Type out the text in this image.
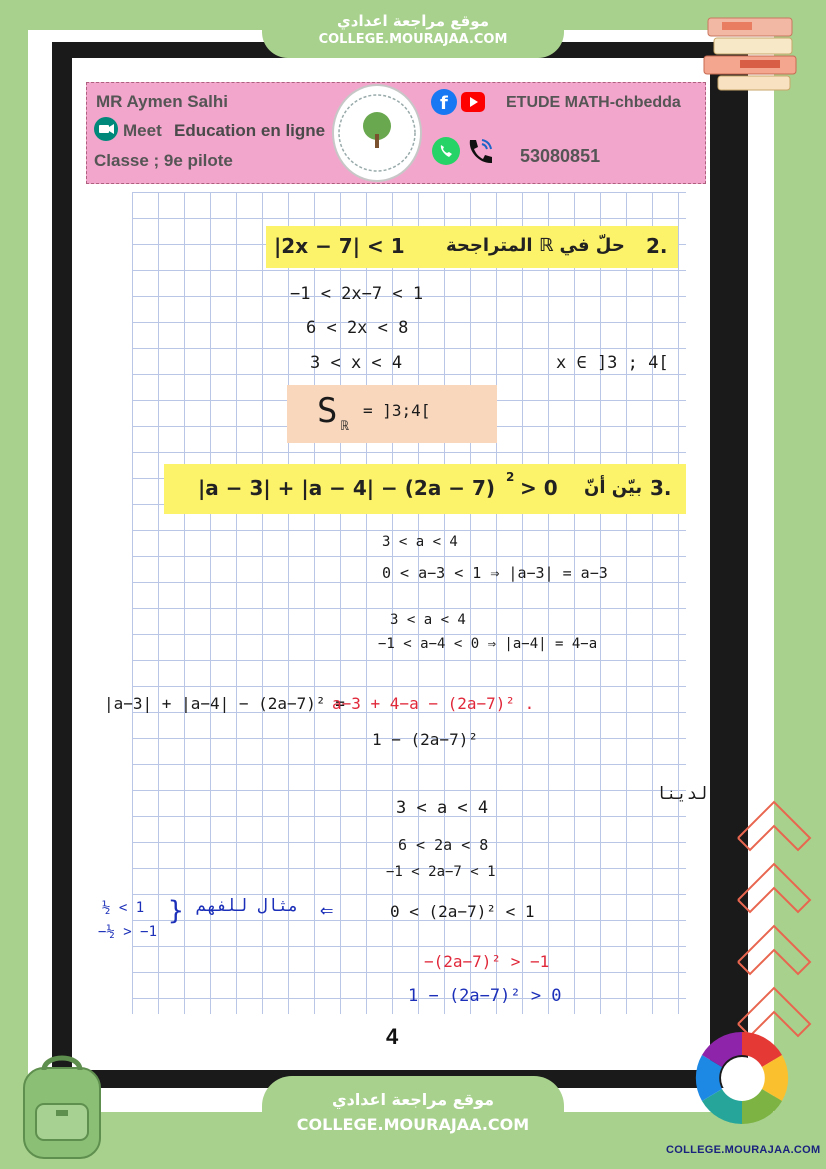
موقع مراجعة اعدادي
COLLEGE.MOURAJAA.COM
MR Aymen Salhi
Meet Education en ligne
Classe ; 9e pilote
f	ETUDE MATH-chbedda
53080851
|2x − 7| < 1 حلّ في ℝ المتراجحة 2.
−1 < 2x−7 < 1
6 < 2x < 8
3 < x < 4	x ∈ ]3 ; 4[
S ℝ
= ]3;4[
|a − 3| + |a − 4| − (2a − 7) 2 > 0 بيّن أنّ 3.
3 < a < 4
0 < a−3 < 1 ⇒ |a−3| = a−3
3 < a < 4
−1 < a−4 < 0 ⇒ |a−4| = 4−a
|a−3| + |a−4| − (2a−7)² =
a−3 + 4−a − (2a−7)² .
1 − (2a−7)²
لدينا
3 < a < 4
6 < 2a < 8
−1 < 2a−7 < 1
0 < (2a−7)² < 1
½ < 1
−½ > −1
} مثال للفهم ⇐
−(2a−7)² > −1
1 − (2a−7)² > 0
4
موقع مراجعة اعدادي
COLLEGE.MOURAJAA.COM
COLLEGE.MOURAJAA.COM
